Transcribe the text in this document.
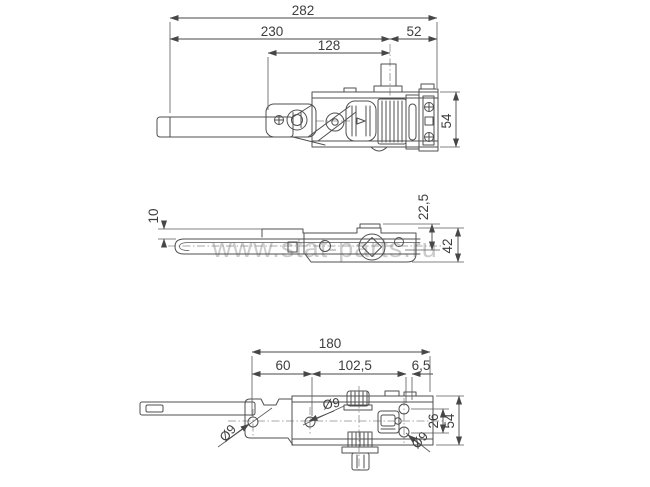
www.stat-parts.ru
282
230	52
128
54
10	22,5
42
Ø9
Ø9
Ø9
180
60	102,5	6,5
26 54
